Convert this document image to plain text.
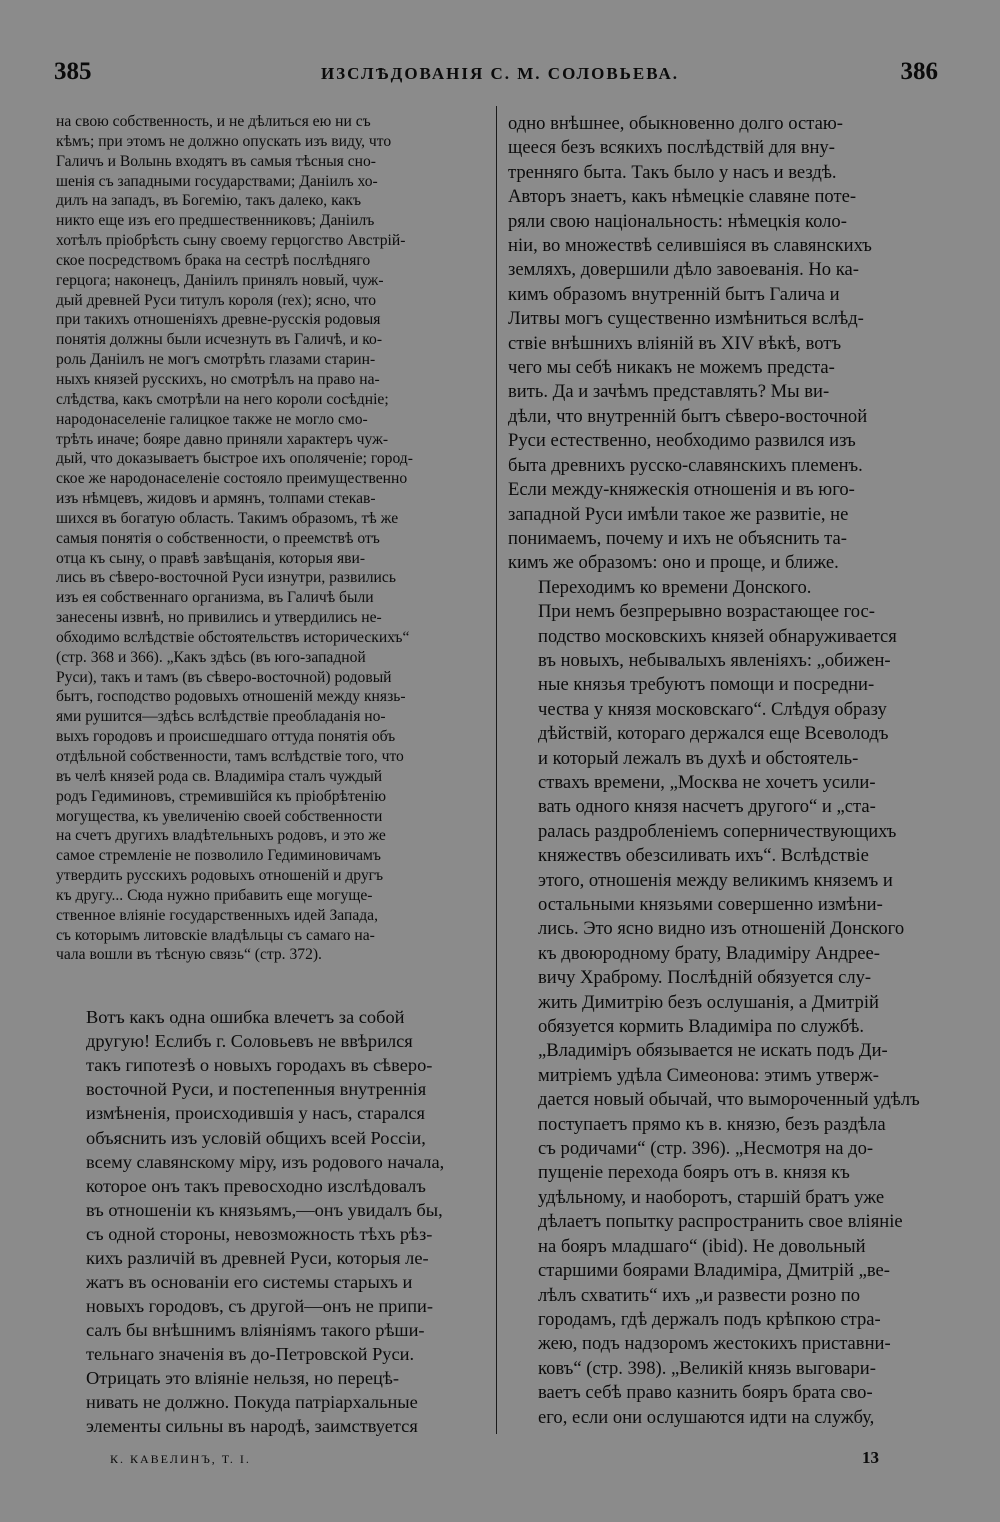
385	ИЗСЛѢДОВАНІЯ С. М. СОЛОВЬЕВА.	386

на свою собственность, и не дѣлиться ею ни съ
кѣмъ; при этомъ не должно опускать изъ виду, что
Галичъ и Волынь входятъ въ самыя тѣсныя сно-
шенія съ западными государствами; Даніилъ хо-
дилъ на западъ, въ Богемію, такъ далеко, какъ
никто еще изъ его предшественниковъ; Даніилъ
хотѣлъ пріобрѣсть сыну своему герцогство Австрій-
ское посредствомъ брака на сестрѣ послѣдняго
герцога; наконецъ, Даніилъ принялъ новый, чуж-
дый древней Руси титулъ короля (rex); ясно, что
при такихъ отношеніяхъ древне-русскія родовыя
понятія должны были исчезнуть въ Галичѣ, и ко-
роль Даніилъ не могъ смотрѣть глазами старин-
ныхъ князей русскихъ, но смотрѣлъ на право на-
слѣдства, какъ смотрѣли на него короли сосѣдніе;
народонаселеніе галицкое также не могло смо-
трѣть иначе; бояре давно приняли характеръ чуж-
дый, что доказываетъ быстрое ихъ ополяченіе; город-
ское же народонаселеніе состояло преимущественно
изъ нѣмцевъ, жидовъ и армянъ, толпами стекав-
шихся въ богатую область. Такимъ образомъ, тѣ же
самыя понятія о собственности, о преемствѣ отъ
отца къ сыну, о правѣ завѣщанія, которыя яви-
лись въ сѣверо-восточной Руси изнутри, развились
изъ ея собственнаго организма, въ Галичѣ были
занесены извнѣ, но привились и утвердились не-
обходимо вслѣдствіе обстоятельствъ историческихъ“
(стр. 368 и 366). „Какъ здѣсь (въ юго-западной
Руси), такъ и тамъ (въ сѣверо-восточной) родовый
бытъ, господство родовыхъ отношеній между князь-
ями рушится—здѣсь вслѣдствіе преобладанія но-
выхъ городовъ и происшедшаго оттуда понятія объ
отдѣльной собственности, тамъ вслѣдствіе того, что
въ челѣ князей рода св. Владиміра сталъ чуждый
родъ Гедиминовъ, стремившійся къ пріобрѣтенію
могущества, къ увеличенію своей собственности
на счетъ другихъ владѣтельныхъ родовъ, и это же
самое стремленіе не позволило Гедиминовичамъ
утвердить русскихъ родовыхъ отношеній и другъ
къ другу... Сюда нужно прибавить еще могуще-
ственное вліяніе государственныхъ идей Запада,
съ которымъ литовскіе владѣльцы съ самаго на-
чала вошли въ тѣсную связь“ (стр. 372).

Вотъ какъ одна ошибка влечетъ за собой
другую! Еслибъ г. Соловьевъ не ввѣрился
такъ гипотезѣ о новыхъ городахъ въ сѣверо-
восточной Руси, и постепенныя внутреннія
измѣненія, происходившія у насъ, старался
объяснить изъ условій общихъ всей Россіи,
всему славянскому міру, изъ родового начала,
которое онъ такъ превосходно изслѣдовалъ
въ отношеніи къ князьямъ,—онъ увидалъ бы,
съ одной стороны, невозможность тѣхъ рѣз-
кихъ различій въ древней Руси, которыя ле-
жатъ въ основаніи его системы старыхъ и
новыхъ городовъ, съ другой—онъ не припи-
салъ бы внѣшнимъ вліяніямъ такого рѣши-
тельнаго значенія въ до-Петровской Руси.
Отрицать это вліяніе нельзя, но перецѣ-
нивать не должно. Покуда патріархальные
элементы сильны въ народѣ, заимствуется

одно внѣшнее, обыкновенно долго остаю-
щееся безъ всякихъ послѣдствій для вну-
тренняго быта. Такъ было у насъ и вездѣ.
Авторъ знаетъ, какъ нѣмецкіе славяне поте-
ряли свою національность: нѣмецкія коло-
ніи, во множествѣ селившіяся въ славянскихъ
земляхъ, довершили дѣло завоеванія. Но ка-
кимъ образомъ внутренній бытъ Галича и
Литвы могъ существенно измѣниться вслѣд-
ствіе внѣшнихъ вліяній въ XIV вѣкѣ, вотъ
чего мы себѣ никакъ не можемъ предста-
вить. Да и зачѣмъ представлять? Мы ви-
дѣли, что внутренній бытъ сѣверо-восточной
Руси естественно, необходимо развился изъ
быта древнихъ русско-славянскихъ племенъ.
Если между-княжескія отношенія и въ юго-
западной Руси имѣли такое же развитіе, не
понимаемъ, почему и ихъ не объяснить та-
кимъ же образомъ: оно и проще, и ближе.

Переходимъ ко времени Донского.

При немъ безпрерывно возрастающее гос-
подство московскихъ князей обнаруживается
въ новыхъ, небывалыхъ явленіяхъ: „обижен-
ные князья требуютъ помощи и посредни-
чества у князя московскаго“. Слѣдуя образу
дѣйствій, котораго держался еще Всеволодъ
и который лежалъ въ духѣ и обстоятель-
ствахъ времени, „Москва не хочетъ усили-
вать одного князя насчетъ другого“ и „ста-
ралась раздробленіемъ соперничествующихъ
княжествъ обезсиливать ихъ“. Вслѣдствіе
этого, отношенія между великимъ княземъ и
остальными князьями совершенно измѣни-
лись. Это ясно видно изъ отношеній Донского
къ двоюродному брату, Владиміру Андрее-
вичу Храброму. Послѣдній обязуется слу-
жить Димитрію безъ ослушанія, а Дмитрій
обязуется кормить Владиміра по службѣ.
„Владиміръ обязывается не искать подъ Ди-
митріемъ удѣла Симеонова: этимъ утверж-
дается новый обычай, что вымороченный удѣлъ
поступаетъ прямо къ в. князю, безъ раздѣла
съ родичами“ (стр. 396). „Несмотря на до-
пущеніе перехода бояръ отъ в. князя къ
удѣльному, и наоборотъ, старшій братъ уже
дѣлаетъ попытку распространить свое вліяніе
на бояръ младшаго“ (ibid). Не довольный
старшими боярами Владиміра, Дмитрій „ве-
лѣлъ схватить“ ихъ „и развести розно по
городамъ, гдѣ держалъ подъ крѣпкою стра-
жею, подъ надзоромъ жестокихъ приставни-
ковъ“ (стр. 398). „Великій князь выговари-
ваетъ себѣ право казнить бояръ брата сво-
его, если они ослушаются идти на службу,

К. КАВЕЛИНЪ, Т. I.	13
